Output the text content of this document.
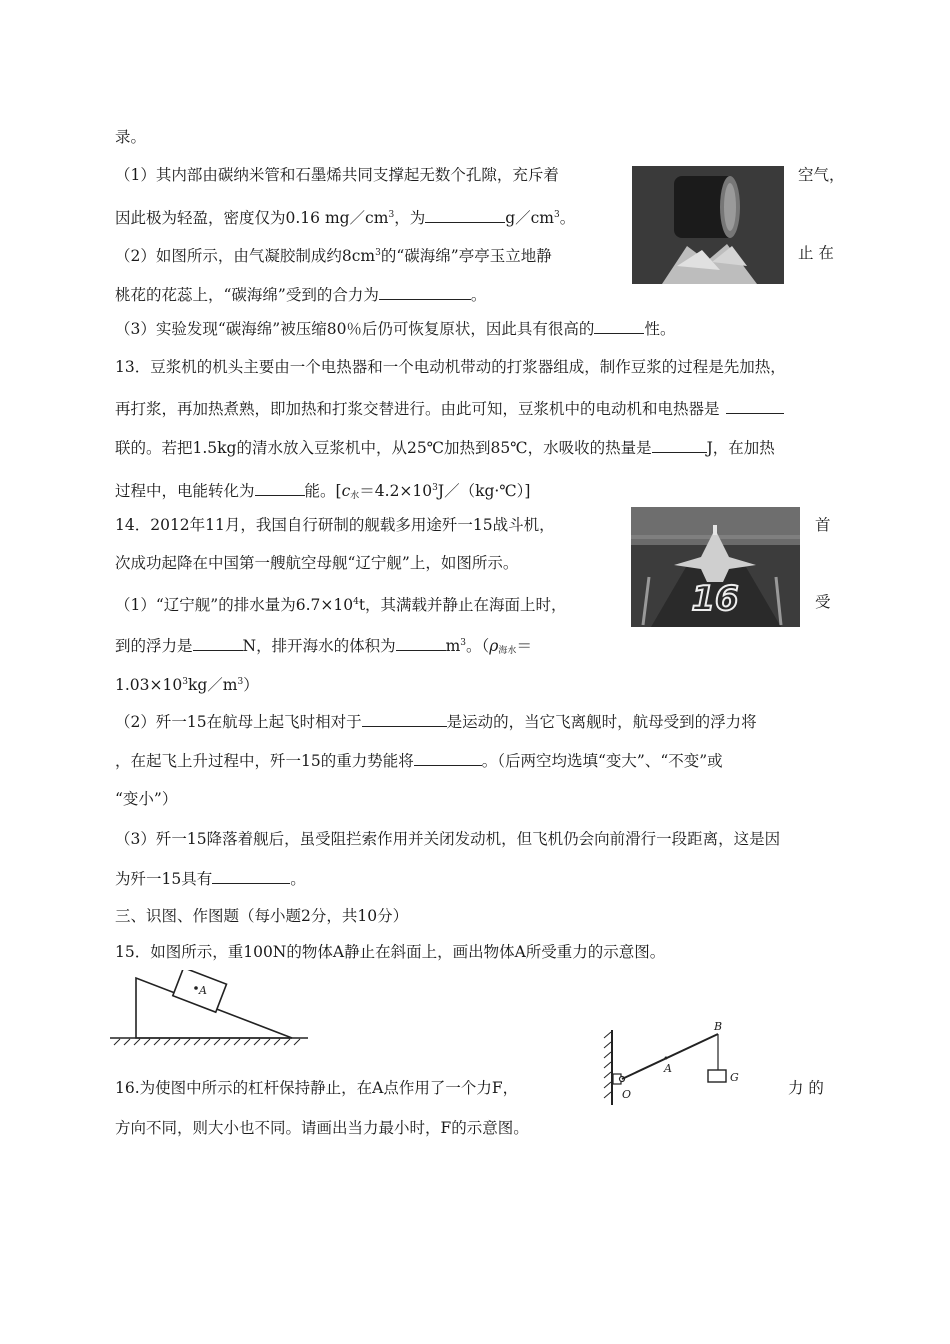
录。
（1）其内部由碳纳米管和石墨烯共同支撑起无数个孔隙，充斥着	空气，
因此极为轻盈，密度仅为0.16 $mg/cm^3$，为	$g/cm^3$。
（2）如图所示，由气凝胶制成约$8cm^3$的“碳海绵”亭亭玉立地静	止 在
桃花的花蕊上，“碳海绵”受到的合力为	。
（3）实验发现“碳海绵”被压缩80％后仍可恢复原状，因此具有很高的	性。
13．豆浆机的机头主要由一个电热器和一个电动机带动的打浆器组成，制作豆浆的过程是先加热，
再打浆，再加热煮熟，即加热和打浆交替进行。由此可知，豆浆机中的电动机和电热器是
联的。若把1.5kg的清水放入豆浆机中，从25℃加热到85℃，水吸收的热量是	J，在加热
过程中，电能转化为	能。$[c_水=4.2\times 10^3J/(kg\cdot℃)]$
14．2012年11月，我国自行研制的舰载多用途歼一15战斗机，	首
次成功起降在中国第一艘航空母舰“辽宁舰”上，如图所示。
（1）“辽宁舰”的排水量为$6.7\times 10^4t$，其满载并静止在海面上时，	受
到的浮力是	N，排开海水的体积为	$m^3$。（$\rho_{海水}=$
$1.03\times 10^3kg/m^3$）
16
（2）歼一15在航母上起飞时相对于	是运动的，当它飞离舰时，航母受到的浮力将
，在起飞上升过程中，歼一15的重力势能将	。（后两空均选填“变大”、“不变”或
“变小”）
（3）歼一15降落着舰后，虽受阻拦索作用并关闭发动机，但飞机仍会向前滑行一段距离，这是因
为歼一15具有	。
三、识图、作图题（每小题2分，共10分）
15．如图所示，重100N的物体A静止在斜面上，画出物体A所受重力的示意图。
A
B
A
O
G
16.为使图中所示的杠杆保持静止，在A点作用了一个力F，	力 的
方向不同，则大小也不同。请画出当力最小时，F的示意图。
